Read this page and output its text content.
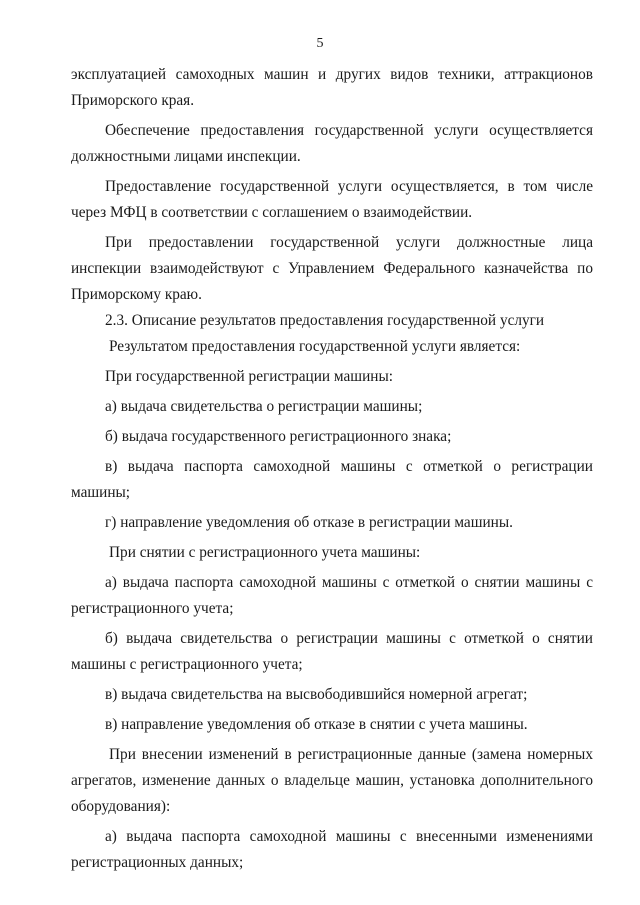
5

эксплуатацией самоходных машин и других видов техники, аттракционов Приморского края.

Обеспечение предоставления государственной услуги осуществляется должностными лицами инспекции.

Предоставление государственной услуги осуществляется, в том числе через МФЦ в соответствии с соглашением о взаимодействии.

При предоставлении государственной услуги должностные лица инспекции взаимодействуют с Управлением Федерального казначейства по Приморскому краю.

2.3. Описание результатов предоставления государственной услуги

Результатом предоставления государственной услуги является:

При государственной регистрации машины:

а) выдача свидетельства о регистрации машины;

б) выдача государственного регистрационного знака;

в) выдача паспорта самоходной машины с отметкой о регистрации машины;

г) направление уведомления об отказе в регистрации машины.

При снятии с регистрационного учета машины:

а) выдача паспорта самоходной машины с отметкой о снятии машины с регистрационного учета;

б) выдача свидетельства о регистрации машины с отметкой о снятии машины с регистрационного учета;

в) выдача свидетельства на высвободившийся номерной агрегат;

в) направление уведомления об отказе в снятии с учета машины.

При внесении изменений в регистрационные данные (замена номерных агрегатов, изменение данных о владельце машин, установка дополнительного оборудования):

а) выдача паспорта самоходной машины с внесенными изменениями регистрационных данных;
